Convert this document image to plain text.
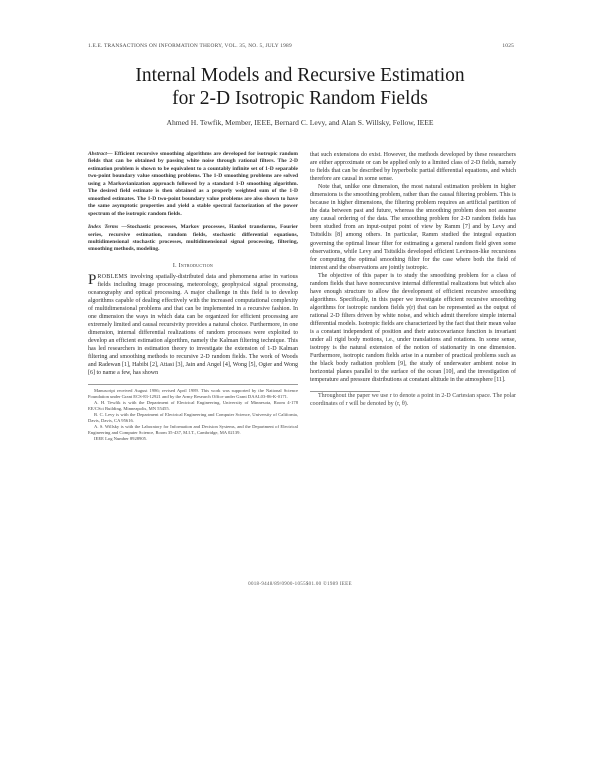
1.E.E. TRANSACTIONS ON INFORMATION THEORY, VOL. 35, NO. 5, JULY 1989	1025
Internal Models and Recursive Estimation
for 2-D Isotropic Random Fields
Ahmed H. Tewfik, Member, IEEE, Bernard C. Levy, and Alan S. Willsky, Fellow, IEEE

Abstract— Efficient recursive smoothing algorithms are developed for isotropic random fields that can be obtained by passing white noise through rational filters. The 2-D estimation problem is shown to be equivalent to a countably infinite set of 1-D separable two-point boundary value smoothing problems. The 1-D smoothing problems are solved using a Markovianization approach followed by a standard 1-D smoothing algorithm. The desired field estimate is then obtained as a properly weighted sum of the 1-D smoothed estimates. The 1-D two-point boundary value problems are also shown to have the same asymptotic properties and yield a stable spectral factorization of the power spectrum of the isotropic random fields.

Index Terms —Stochastic processes, Markov processes, Hankel transforms, Fourier series, recursive estimation, random fields, stochastic differential equations, multidimensional stochastic processes, multidimensional signal processing, filtering, smoothing methods, modeling.

I. Introduction

PROBLEMS involving spatially-distributed data and phenomena arise in various fields including image processing, meteorology, geophysical signal processing, oceanography and optical processing. A major challenge in this field is to develop algorithms capable of dealing effectively with the increased computational complexity of multidimensional problems and that can be implemented in a recursive fashion. In one dimension the ways in which data can be organized for efficient processing are extremely limited and causal recursivity provides a natural choice. Furthermore, in one dimension, internal differential realizations of random processes were exploited to develop an efficient estimation algorithm, namely the Kalman filtering technique. This has led researchers in estimation theory to investigate the extension of 1-D Kalman filtering and smoothing methods to recursive 2-D random fields. The work of Woods and Radewan [1], Habibi [2], Attasi [3], Jain and Angel [4], Wong [5], Ogier and Wong [6] to name a few, has shown

Manuscript received August 1986; revised April 1989. This work was supported by the National Science Foundation under Grant ECS-83-12921 and by the Army Research Office under Grant DAAL03-86-K-0171.

A. H. Tewfik is with the Department of Electrical Engineering, University of Minnesota, Room 4-178 EE/CSci Building, Minneapolis, MN 55455.

B. C. Levy is with the Department of Electrical Engineering and Computer Science, University of California, Davis, Davis, CA 95616.

A. S. Willsky is with the Laboratory for Information and Decision Systems, and the Department of Electrical Engineering and Computer Science, Room 35-437, M.I.T., Cambridge, MA 02139.

IEEE Log Number 8928905.

that such extensions do exist. However, the methods developed by these researchers are either approximate or can be applied only to a limited class of 2-D fields, namely to fields that can be described by hyperbolic partial differential equations, and which therefore are causal in some sense.

Note that, unlike one dimension, the most natural estimation problem in higher dimensions is the smoothing problem, rather than the causal filtering problem. This is because in higher dimensions, the filtering problem requires an artificial partition of the data between past and future, whereas the smoothing problem does not assume any causal ordering of the data. The smoothing problem for 2-D random fields has been studied from an input-output point of view by Ramm [7] and by Levy and Tsitsiklis [8] among others. In particular, Ramm studied the integral equation governing the optimal linear filter for estimating a general random field given some observations, while Levy and Tsitsiklis developed efficient Levinson-like recursions for computing the optimal smoothing filter for the case where both the field of interest and the observations are jointly isotropic.

The objective of this paper is to study the smoothing problem for a class of random fields that have nonrecursive internal differential realizations but which also have enough structure to allow the development of efficient recursive smoothing algorithms. Specifically, in this paper we investigate efficient recursive smoothing algorithms for isotropic random fields y(r) that can be represented as the output of rational 2-D filters driven by white noise, and which admit therefore simple internal differential models. Isotropic fields are characterized by the fact that their mean value is a constant independent of position and their autocovariance function is invariant under all rigid body motions, i.e., under translations and rotations. In some sense, isotropy is the natural extension of the notion of stationarity in one dimension. Furthermore, isotropic random fields arise in a number of practical problems such as the black body radiation problem [9], the study of underwater ambient noise in horizontal planes parallel to the surface of the ocean [10], and the investigation of temperature and pressure distributions at constant altitude in the atmosphere [11].

Throughout the paper we use r to denote a point in 2-D Cartesian space. The polar coordinates of r will be denoted by (r, θ).

0018-9448/89/0900-1055$01.00 ©1989 IEEE
